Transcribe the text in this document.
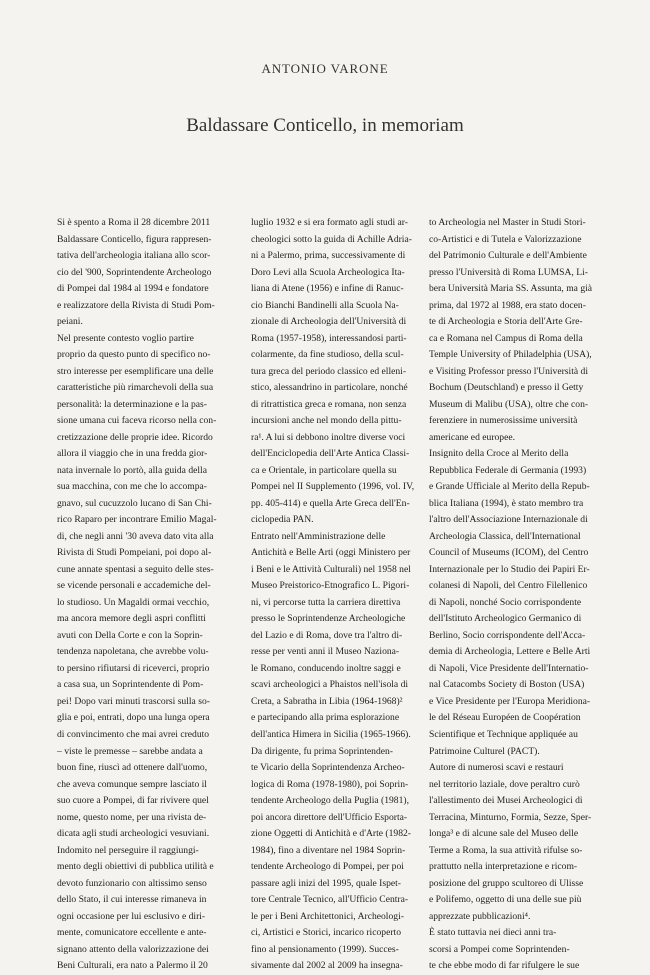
ANTONIO VARONE
Baldassare Conticello, in memoriam
Si è spento a Roma il 28 dicembre 2011
Baldassare Conticello, figura rappresen-
tativa dell'archeologia italiana allo scor-
cio del '900, Soprintendente Archeologo
di Pompei dal 1984 al 1994 e fondatore
e realizzatore della Rivista di Studi Pom-
peiani.
Nel presente contesto voglio partire
proprio da questo punto di specifico no-
stro interesse per esemplificare una delle
caratteristiche più rimarchevoli della sua
personalità: la determinazione e la pas-
sione umana cui faceva ricorso nella con-
cretizzazione delle proprie idee. Ricordo
allora il viaggio che in una fredda gior-
nata invernale lo portò, alla guida della
sua macchina, con me che lo accompa-
gnavo, sul cucuzzolo lucano di San Chi-
rico Raparo per incontrare Emilio Magal-
di, che negli anni '30 aveva dato vita alla
Rivista di Studi Pompeiani, poi dopo al-
cune annate spentasi a seguito delle stes-
se vicende personali e accademiche del-
lo studioso. Un Magaldi ormai vecchio,
ma ancora memore degli aspri conflitti
avuti con Della Corte e con la Soprin-
tendenza napoletana, che avrebbe volu-
to persino rifiutarsi di riceverci, proprio
a casa sua, un Soprintendente di Pom-
pei! Dopo vari minuti trascorsi sulla so-
glia e poi, entrati, dopo una lunga opera
di convincimento che mai avrei creduto
– viste le premesse – sarebbe andata a
buon fine, riuscì ad ottenere dall'uomo,
che aveva comunque sempre lasciato il
suo cuore a Pompei, di far rivivere quel
nome, questo nome, per una rivista de-
dicata agli studi archeologici vesuviani.
Indomito nel perseguire il raggiungi-
mento degli obiettivi di pubblica utilità e
devoto funzionario con altissimo senso
dello Stato, il cui interesse rimaneva in
ogni occasione per lui esclusivo e diri-
mente, comunicatore eccellente e ante-
signano attento della valorizzazione dei
Beni Culturali, era nato a Palermo il 20
luglio 1932 e si era formato agli studi ar-
cheologici sotto la guida di Achille Adria-
ni a Palermo, prima, successivamente di
Doro Levi alla Scuola Archeologica Ita-
liana di Atene (1956) e infine di Ranuc-
cio Bianchi Bandinelli alla Scuola Na-
zionale di Archeologia dell'Università di
Roma (1957-1958), interessandosi parti-
colarmente, da fine studioso, della scul-
tura greca del periodo classico ed elleni-
stico, alessandrino in particolare, nonché
di ritrattistica greca e romana, non senza
incursioni anche nel mondo della pittu-
ra¹. A lui si debbono inoltre diverse voci
dell'Enciclopedia dell'Arte Antica Classi-
ca e Orientale, in particolare quella su
Pompei nel II Supplemento (1996, vol. IV,
pp. 405-414) e quella Arte Greca dell'En-
ciclopedia PAN.
Entrato nell'Amministrazione delle
Antichità e Belle Arti (oggi Ministero per
i Beni e le Attività Culturali) nel 1958 nel
Museo Preistorico-Etnografico L. Pigori-
ni, vi percorse tutta la carriera direttiva
presso le Soprintendenze Archeologiche
del Lazio e di Roma, dove tra l'altro di-
resse per venti anni il Museo Naziona-
le Romano, conducendo inoltre saggi e
scavi archeologici a Phaistos nell'isola di
Creta, a Sabratha in Libia (1964-1968)²
e partecipando alla prima esplorazione
dell'antica Himera in Sicilia (1965-1966).
Da dirigente, fu prima Soprintenden-
te Vicario della Soprintendenza Archeo-
logica di Roma (1978-1980), poi Soprin-
tendente Archeologo della Puglia (1981),
poi ancora direttore dell'Ufficio Esporta-
zione Oggetti di Antichità e d'Arte (1982-
1984), fino a diventare nel 1984 Soprin-
tendente Archeologo di Pompei, per poi
passare agli inizi del 1995, quale Ispet-
tore Centrale Tecnico, all'Ufficio Centra-
le per i Beni Architettonici, Archeologi-
ci, Artistici e Storici, incarico ricoperto
fino al pensionamento (1999). Succes-
sivamente dal 2002 al 2009 ha insegna-
to Archeologia nel Master in Studi Stori-
co-Artistici e di Tutela e Valorizzazione
del Patrimonio Culturale e dell'Ambiente
presso l'Università di Roma LUMSA, Li-
bera Università Maria SS. Assunta, ma già
prima, dal 1972 al 1988, era stato docen-
te di Archeologia e Storia dell'Arte Gre-
ca e Romana nel Campus di Roma della
Temple University of Philadelphia (USA),
e Visiting Professor presso l'Università di
Bochum (Deutschland) e presso il Getty
Museum di Malibu (USA), oltre che con-
ferenziere in numerosissime università
americane ed europee.
Insignito della Croce al Merito della
Repubblica Federale di Germania (1993)
e Grande Ufficiale al Merito della Repub-
blica Italiana (1994), è stato membro tra
l'altro dell'Associazione Internazionale di
Archeologia Classica, dell'International
Council of Museums (ICOM), del Centro
Internazionale per lo Studio dei Papiri Er-
colanesi di Napoli, del Centro Filellenico
di Napoli, nonché Socio corrispondente
dell'Istituto Archeologico Germanico di
Berlino, Socio corrispondente dell'Acca-
demia di Archeologia, Lettere e Belle Arti
di Napoli, Vice Presidente dell'Internatio-
nal Catacombs Society di Boston (USA)
e Vice Presidente per l'Europa Meridiona-
le del Réseau Européen de Coopération
Scientifique et Technique appliquée au
Patrimoine Culturel (PACT).
Autore di numerosi scavi e restauri
nel territorio laziale, dove peraltro curò
l'allestimento dei Musei Archeologici di
Terracina, Minturno, Formia, Sezze, Sper-
longa³ e di alcune sale del Museo delle
Terme a Roma, la sua attività rifulse so-
prattutto nella interpretazione e ricom-
posizione del gruppo scultoreo di Ulisse
e Polifemo, oggetto di una delle sue più
apprezzate pubblicazioni⁴.
È stato tuttavia nei dieci anni tra-
scorsi a Pompei come Soprintenden-
te che ebbe modo di far rifulgere le sue
